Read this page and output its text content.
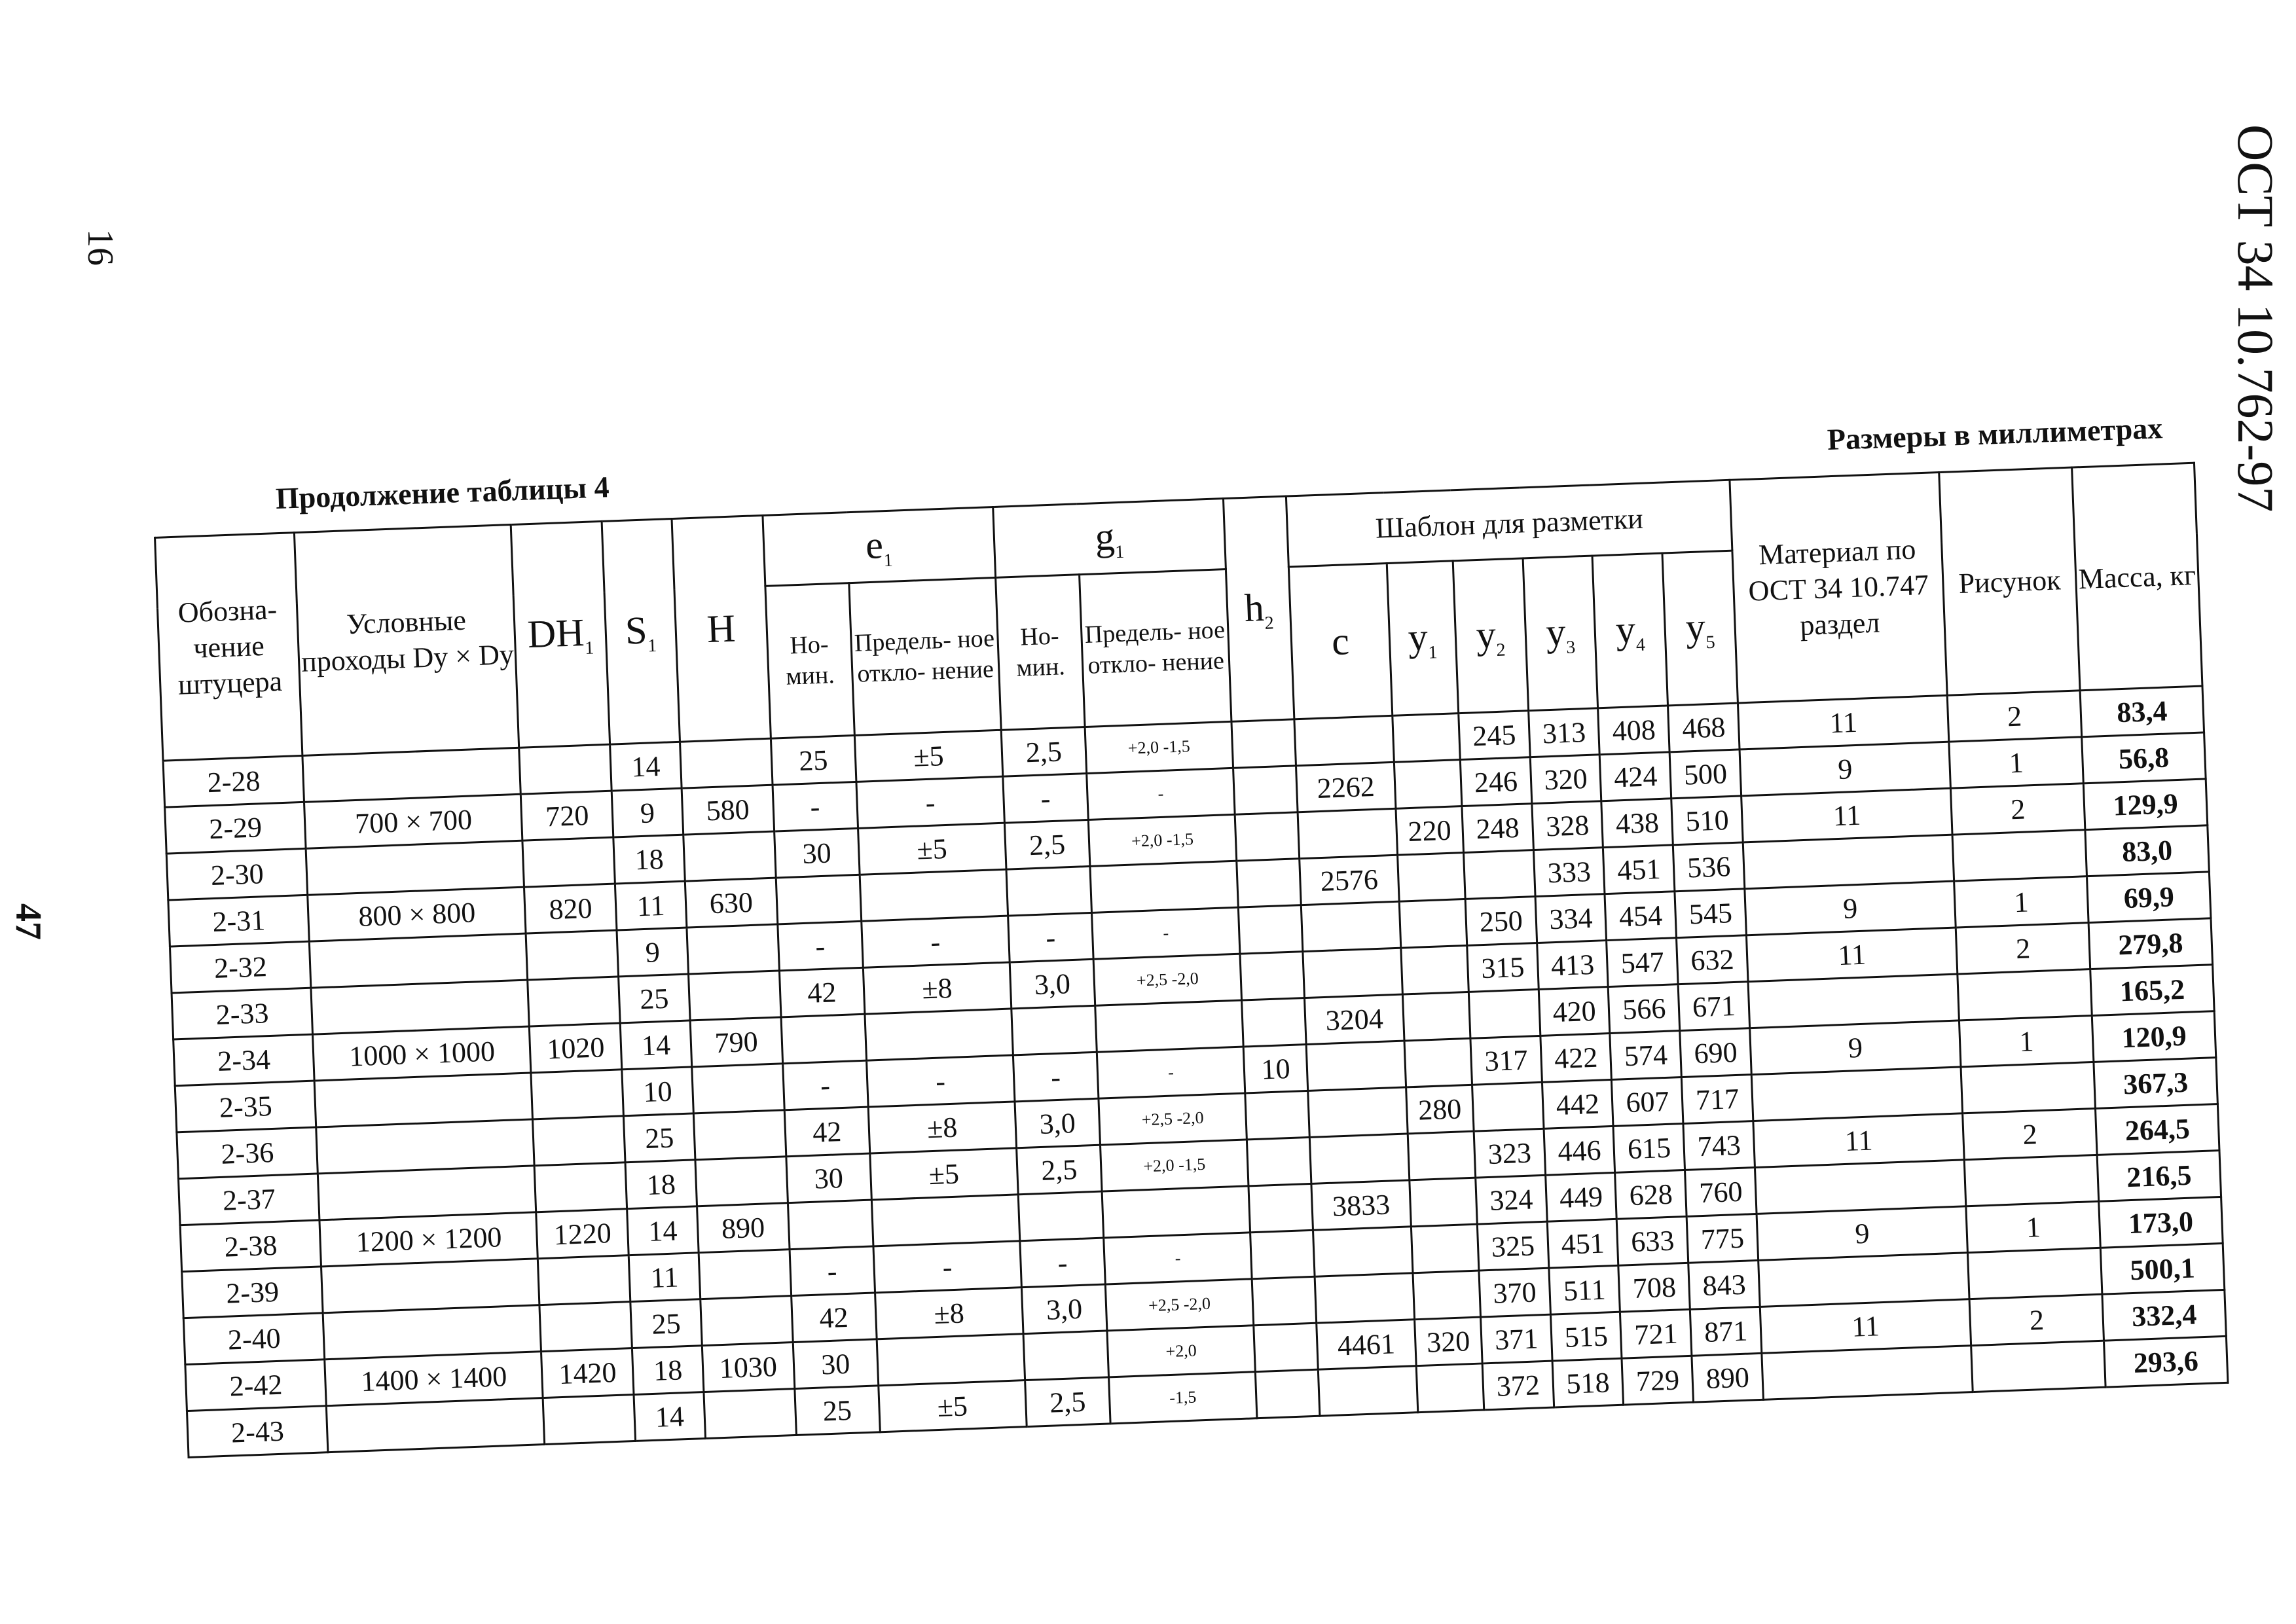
16
47
ОСТ 34 10.762-97
Продолжение таблицы 4
Размеры в миллиметрах
Обозна- чение штуцера	Условные проходы Dy × Dy	$DH_1$	$S_1$	H	$e_1$		$g_1$		$h_2$	Шаблон для разметки						Материал по ОСТ 34 10.747 раздел	Рисунок	Масса, кг
					Но- мин.	Предель- ное откло- нение	Но- мин.	Предель- ное откло- нение		c	$y_1$	$y_2$	$y_3$	$y_4$	$y_5$
2-28			14		25	±5	2,5	+2,0 -1,5				245	313	408	468	11	2	83,4
2-29	700 × 700	720	9	580	-	-	-	-		2262		246	320	424	500	9	1	56,8
2-30			18		30	±5	2,5	+2,0 -1,5			220	248	328	438	510	11	2	129,9
2-31	800 × 800	820	11	630						2576			333	451	536			83,0
2-32			9		-	-	-	-				250	334	454	545	9	1	69,9
2-33			25		42	±8	3,0	+2,5 -2,0				315	413	547	632	11	2	279,8
2-34	1000 × 1000	1020	14	790						3204			420	566	671			165,2
2-35			10		-	-	-	-	10			317	422	574	690	9	1	120,9
2-36			25		42	±8	3,0	+2,5 -2,0			280		442	607	717			367,3
2-37			18		30	±5	2,5	+2,0 -1,5				323	446	615	743	11	2	264,5
2-38	1200 × 1200	1220	14	890						3833		324	449	628	760			216,5
2-39			11		-	-	-	-				325	451	633	775	9	1	173,0
2-40			25		42	±8	3,0	+2,5 -2,0				370	511	708	843			500,1
2-42	1400 × 1400	1420	18	1030	30			+2,0		4461	320	371	515	721	871	11	2	332,4
2-43			14		25	±5	2,5	-1,5				372	518	729	890			293,6
